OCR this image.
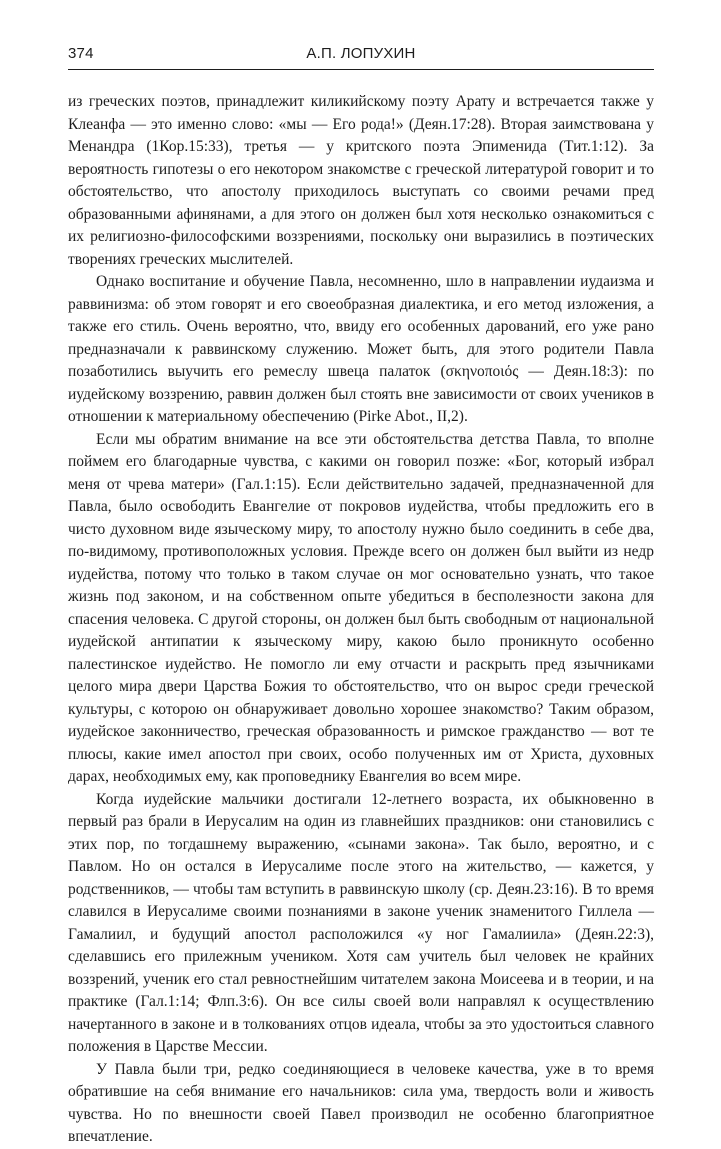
374	А.П. ЛОПУХИН

из греческих поэтов, принадлежит киликийскому поэту Арату и встречается также у Клеанфа — это именно слово: «мы — Его рода!» (Деян.17:28). Вторая заимствована у Менандра (1Кор.15:33), третья — у критского поэта Эпименида (Тит.1:12). За вероятность гипотезы о его некотором знакомстве с греческой литературой говорит и то обстоятельство, что апостолу приходилось выступать со своими речами пред образованными афинянами, а для этого он должен был хотя несколько ознакомиться с их религиозно-философскими воззрениями, поскольку они выразились в поэтических творениях греческих мыслителей.

Однако воспитание и обучение Павла, несомненно, шло в направлении иудаизма и раввинизма: об этом говорят и его своеобразная диалектика, и его метод изложения, а также его стиль. Очень вероятно, что, ввиду его особенных дарований, его уже рано предназначали к раввинскому служению. Может быть, для этого родители Павла позаботились выучить его ремеслу швеца палаток (σκηνοποιός — Деян.18:3): по иудейскому воззрению, раввин должен был стоять вне зависимости от своих учеников в отношении к материальному обеспечению (Pirke Abot., II,2).

Если мы обратим внимание на все эти обстоятельства детства Павла, то вполне поймем его благодарные чувства, с какими он говорил позже: «Бог, который избрал меня от чрева матери» (Гал.1:15). Если действительно задачей, предназначенной для Павла, было освободить Евангелие от покровов иудейства, чтобы предложить его в чисто духовном виде языческому миру, то апостолу нужно было соединить в себе два, по-видимому, противоположных условия. Прежде всего он должен был выйти из недр иудейства, потому что только в таком случае он мог основательно узнать, что такое жизнь под законом, и на собственном опыте убедиться в бесполезности закона для спасения человека. С другой стороны, он должен был быть свободным от национальной иудейской антипатии к языческому миру, какою было проникнуто особенно палестинское иудейство. Не помогло ли ему отчасти и раскрыть пред язычниками целого мира двери Царства Божия то обстоятельство, что он вырос среди греческой культуры, с которою он обнаруживает довольно хорошее знакомство? Таким образом, иудейское законничество, греческая образованность и римское гражданство — вот те плюсы, какие имел апостол при своих, особо полученных им от Христа, духовных дарах, необходимых ему, как проповеднику Евангелия во всем мире.

Когда иудейские мальчики достигали 12-летнего возраста, их обыкновенно в первый раз брали в Иерусалим на один из главнейших праздников: они становились с этих пор, по тогдашнему выражению, «сынами закона». Так было, вероятно, и с Павлом. Но он остался в Иерусалиме после этого на жительство, — кажется, у родственников, — чтобы там вступить в раввинскую школу (ср. Деян.23:16). В то время славился в Иерусалиме своими познаниями в законе ученик знаменитого Гиллела — Гамалиил, и будущий апостол расположился «у ног Гамалиила» (Деян.22:3), сделавшись его прилежным учеником. Хотя сам учитель был человек не крайних воззрений, ученик его стал ревностнейшим читателем закона Моисеева и в теории, и на практике (Гал.1:14; Флп.3:6). Он все силы своей воли направлял к осуществлению начертанного в законе и в толкованиях отцов идеала, чтобы за это удостоиться славного положения в Царстве Мессии.

У Павла были три, редко соединяющиеся в человеке качества, уже в то время обратившие на себя внимание его начальников: сила ума, твердость воли и живость чувства. Но по внешности своей Павел производил не особенно благоприятное впечатление.
